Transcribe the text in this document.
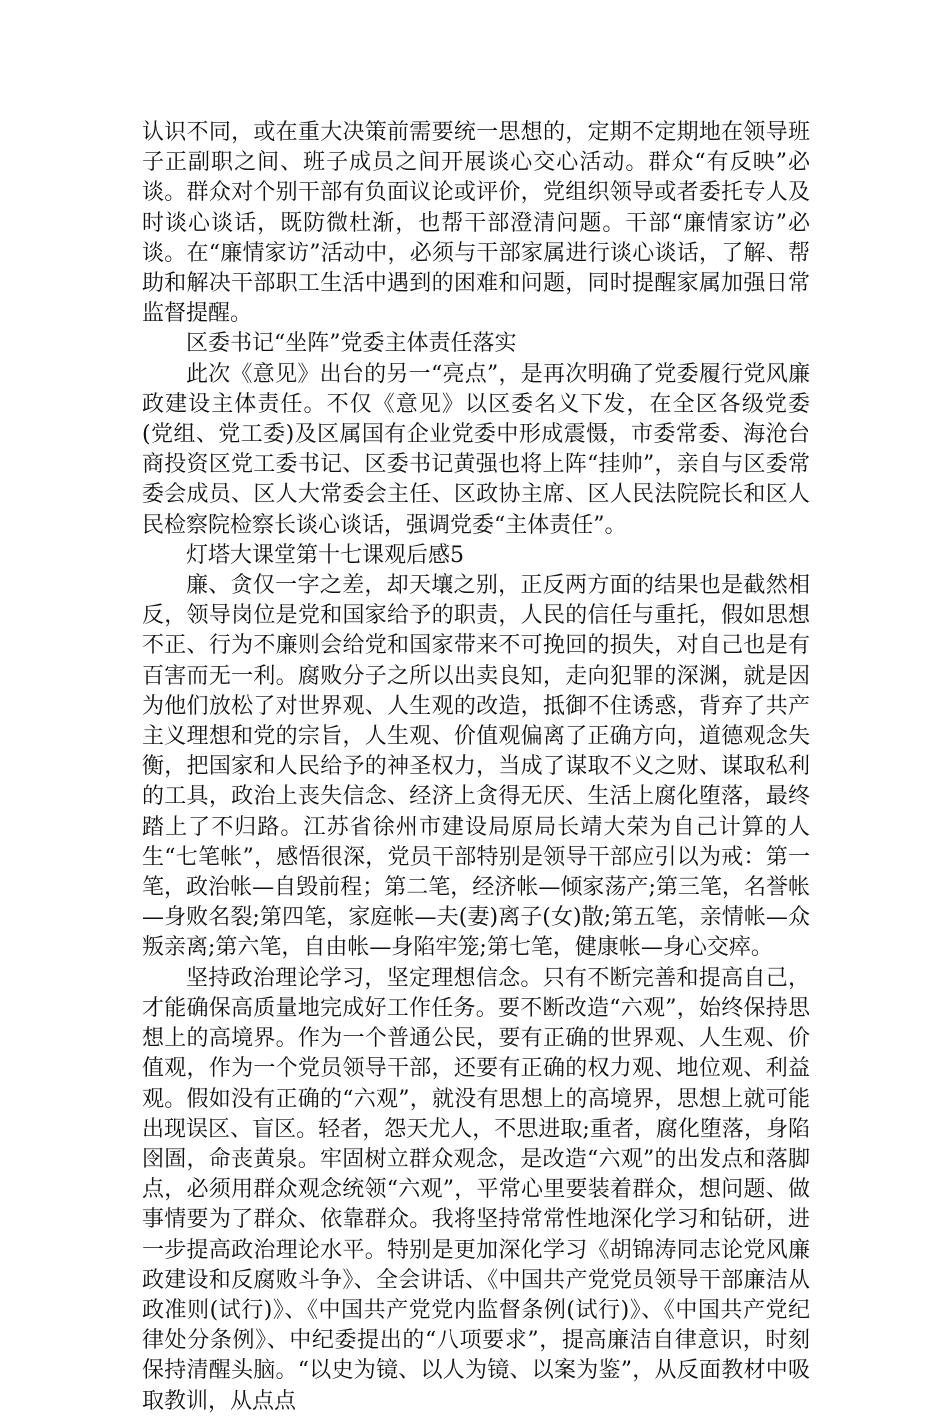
认识不同，或在重大决策前需要统一思想的，定期不定期地在领导班子正副职之间、班子成员之间开展谈心交心活动。群众“有反映”必谈。群众对个别干部有负面议论或评价，党组织领导或者委托专人及时谈心谈话，既防微杜渐，也帮干部澄清问题。干部“廉情家访”必谈。在“廉情家访”活动中，必须与干部家属进行谈心谈话，了解、帮助和解决干部职工生活中遇到的困难和问题，同时提醒家属加强日常监督提醒。

区委书记“坐阵”党委主体责任落实

此次《意见》出台的另一“亮点”，是再次明确了党委履行党风廉政建设主体责任。不仅《意见》以区委名义下发，在全区各级党委(党组、党工委)及区属国有企业党委中形成震慑，市委常委、海沧台商投资区党工委书记、区委书记黄强也将上阵“挂帅”，亲自与区委常委会成员、区人大常委会主任、区政协主席、区人民法院院长和区人民检察院检察长谈心谈话，强调党委“主体责任”。

灯塔大课堂第十七课观后感5

廉、贪仅一字之差，却天壤之别，正反两方面的结果也是截然相反，领导岗位是党和国家给予的职责，人民的信任与重托，假如思想不正、行为不廉则会给党和国家带来不可挽回的损失，对自己也是有百害而无一利。腐败分子之所以出卖良知，走向犯罪的深渊，就是因为他们放松了对世界观、人生观的改造，抵御不住诱惑，背弃了共产主义理想和党的宗旨，人生观、价值观偏离了正确方向，道德观念失衡，把国家和人民给予的神圣权力，当成了谋取不义之财、谋取私利的工具，政治上丧失信念、经济上贪得无厌、生活上腐化堕落，最终踏上了不归路。江苏省徐州市建设局原局长靖大荣为自己计算的人生“七笔帐”，感悟很深，党员干部特别是领导干部应引以为戒：第一笔，政治帐—自毁前程；第二笔，经济帐—倾家荡产;第三笔，名誉帐—身败名裂;第四笔，家庭帐—夫(妻)离子(女)散;第五笔，亲情帐—众叛亲离;第六笔，自由帐—身陷牢笼;第七笔，健康帐—身心交瘁。

坚持政治理论学习，坚定理想信念。只有不断完善和提高自己，才能确保高质量地完成好工作任务。要不断改造“六观”，始终保持思想上的高境界。作为一个普通公民，要有正确的世界观、人生观、价值观，作为一个党员领导干部，还要有正确的权力观、地位观、利益观。假如没有正确的“六观”，就没有思想上的高境界，思想上就可能出现误区、盲区。轻者，怨天尤人，不思进取;重者，腐化堕落，身陷囹圄，命丧黄泉。牢固树立群众观念，是改造“六观”的出发点和落脚点，必须用群众观念统领“六观”，平常心里要装着群众，想问题、做事情要为了群众、依靠群众。我将坚持常常性地深化学习和钻研，进一步提高政治理论水平。特别是更加深化学习《胡锦涛同志论党风廉政建设和反腐败斗争》、全会讲话、《中国共产党党员领导干部廉洁从政准则(试行)》、《中国共产党党内监督条例(试行)》、《中国共产党纪律处分条例》、中纪委提出的“八项要求”，提高廉洁自律意识，时刻保持清醒头脑。“以史为镜、以人为镜、以案为鉴”，从反面教材中吸取教训，从点点
